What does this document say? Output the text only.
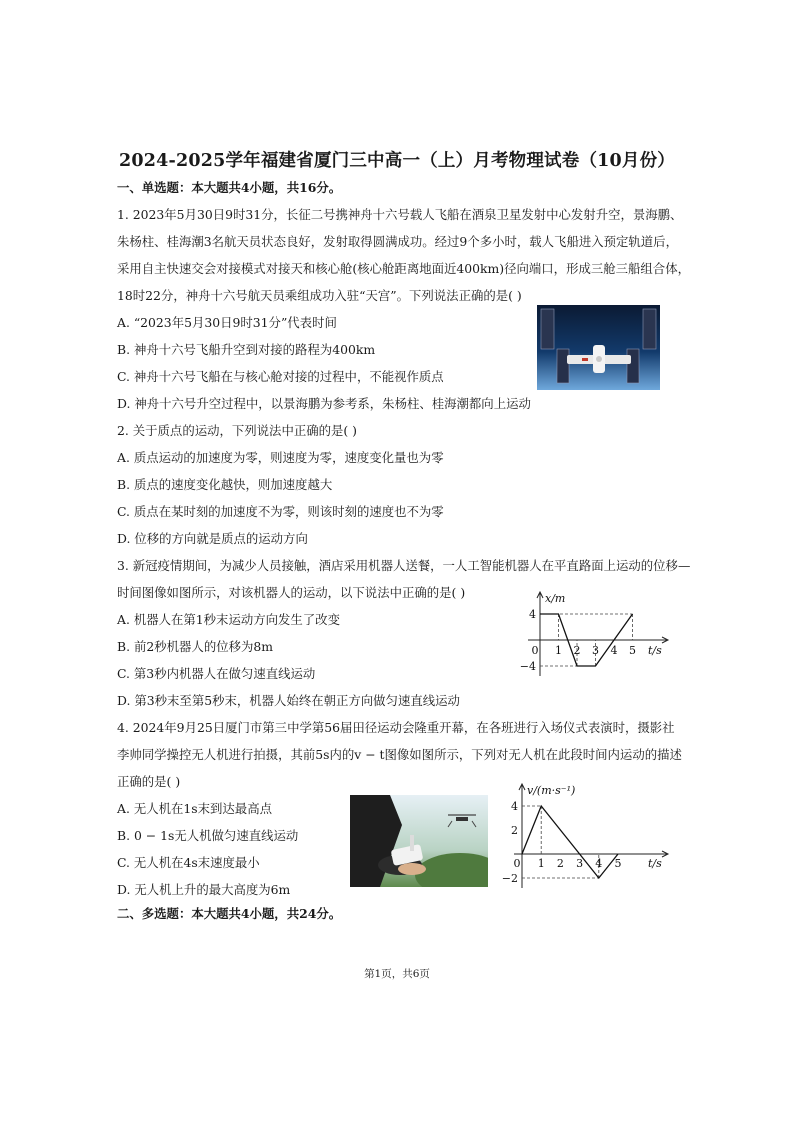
2024-2025学年福建省厦门三中高一（上）月考物理试卷（10月份）
一、单选题：本大题共4小题，共16分。
1. 2023年5月30日9时31分，长征二号携神舟十六号载人飞船在酒泉卫星发射中心发射升空，景海鹏、
朱杨柱、桂海潮3名航天员状态良好，发射取得圆满成功。经过9个多小时，载人飞船进入预定轨道后，
采用自主快速交会对接模式对接天和核心舱(核心舱距离地面近400km)径向端口，形成三舱三船组合体，
18时22分，神舟十六号航天员乘组成功入驻“天宫”。下列说法正确的是( )
A. “2023年5月30日9时31分”代表时间
B. 神舟十六号飞船升空到对接的路程为400km
C. 神舟十六号飞船在与核心舱对接的过程中，不能视作质点
D. 神舟十六号升空过程中，以景海鹏为参考系，朱杨柱、桂海潮都向上运动
2. 关于质点的运动，下列说法中正确的是( )
A. 质点运动的加速度为零，则速度为零，速度变化量也为零
B. 质点的速度变化越快，则加速度越大
C. 质点在某时刻的加速度不为零，则该时刻的速度也不为零
D. 位移的方向就是质点的运动方向
3. 新冠疫情期间，为减少人员接触，酒店采用机器人送餐，一人工智能机器人在平直路面上运动的位移—
时间图像如图所示，对该机器人的运动，以下说法中正确的是( )
A. 机器人在第1秒末运动方向发生了改变
B. 前2秒机器人的位移为8m
C. 第3秒内机器人在做匀速直线运动
D. 第3秒末至第5秒末，机器人始终在朝正方向做匀速直线运动
4
−4
0 1 2 3 4 5
x/m
t/s
4. 2024年9月25日厦门市第三中学第56届田径运动会隆重开幕，在各班进行入场仪式表演时，摄影社
李帅同学操控无人机进行拍摄，其前5s内的v − t图像如图所示，下列对无人机在此段时间内运动的描述
正确的是( )
A. 无人机在1s末到达最高点
B. 0 − 1s无人机做匀速直线运动
C. 无人机在4s末速度最小
D. 无人机上升的最大高度为6m
4
2
−2
0 1 2 3 4 5
v/(m·s⁻¹)
t/s
二、多选题：本大题共4小题，共24分。
第1页，共6页
